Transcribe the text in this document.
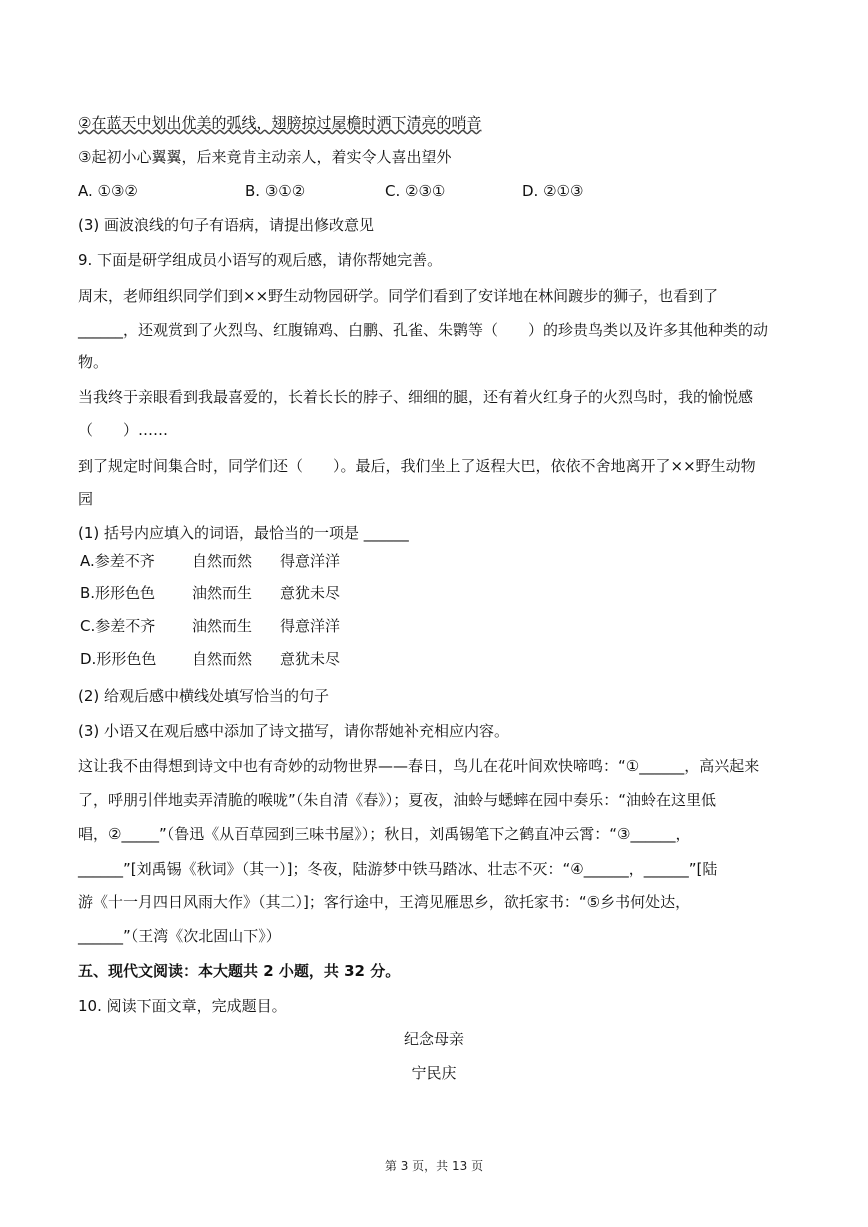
②在蓝天中划出优美的弧线，翅膀掠过屋檐时洒下清亮的哨音
③起初小心翼翼，后来竟肯主动亲人，着实令人喜出望外
A. ①③②	B. ③①②	C. ②③①	D. ②①③
(3) 画波浪线的句子有语病，请提出修改意见
9. 下面是研学组成员小语写的观后感，请你帮她完善。
周末，老师组织同学们到××野生动物园研学。同学们看到了安详地在林间踱步的狮子，也看到了
______，还观赏到了火烈鸟、红腹锦鸡、白鹏、孔雀、朱鹮等（　　）的珍贵鸟类以及许多其他种类的动
物。
当我终于亲眼看到我最喜爱的，长着长长的脖子、细细的腿，还有着火红身子的火烈鸟时，我的愉悦感
（　　）……
到了规定时间集合时，同学们还（　　）。最后，我们坐上了返程大巴，依依不舍地离开了××野生动物
园
(1) 括号内应填入的词语，最恰当的一项是 ______
A.参差不齐 自然而然 得意洋洋
B.形形色色 油然而生 意犹未尽
C.参差不齐 油然而生 得意洋洋
D.形形色色 自然而然 意犹未尽
(2) 给观后感中横线处填写恰当的句子
(3) 小语又在观后感中添加了诗文描写，请你帮她补充相应内容。
这让我不由得想到诗文中也有奇妙的动物世界——春日，鸟儿在花叶间欢快啼鸣：“①______，高兴起来
了，呼朋引伴地卖弄清脆的喉咙”（朱自清《春》）；夏夜，油蛉与蟋蟀在园中奏乐：“油蛉在这里低
唱，②_____”（鲁迅《从百草园到三味书屋》）；秋日，刘禹锡笔下之鹤直冲云霄：“③______，
______”[刘禹锡《秋词》（其一）]；冬夜，陆游梦中铁马踏冰、壮志不灭：“④______，______”[陆
游《十一月四日风雨大作》（其二）]；客行途中，王湾见雁思乡，欲托家书：“⑤乡书何处达，
______”（王湾《次北固山下》）
五、现代文阅读：本大题共 2 小题，共 32 分。
10. 阅读下面文章，完成题目。
纪念母亲
宁民庆
第 3 页，共 13 页
